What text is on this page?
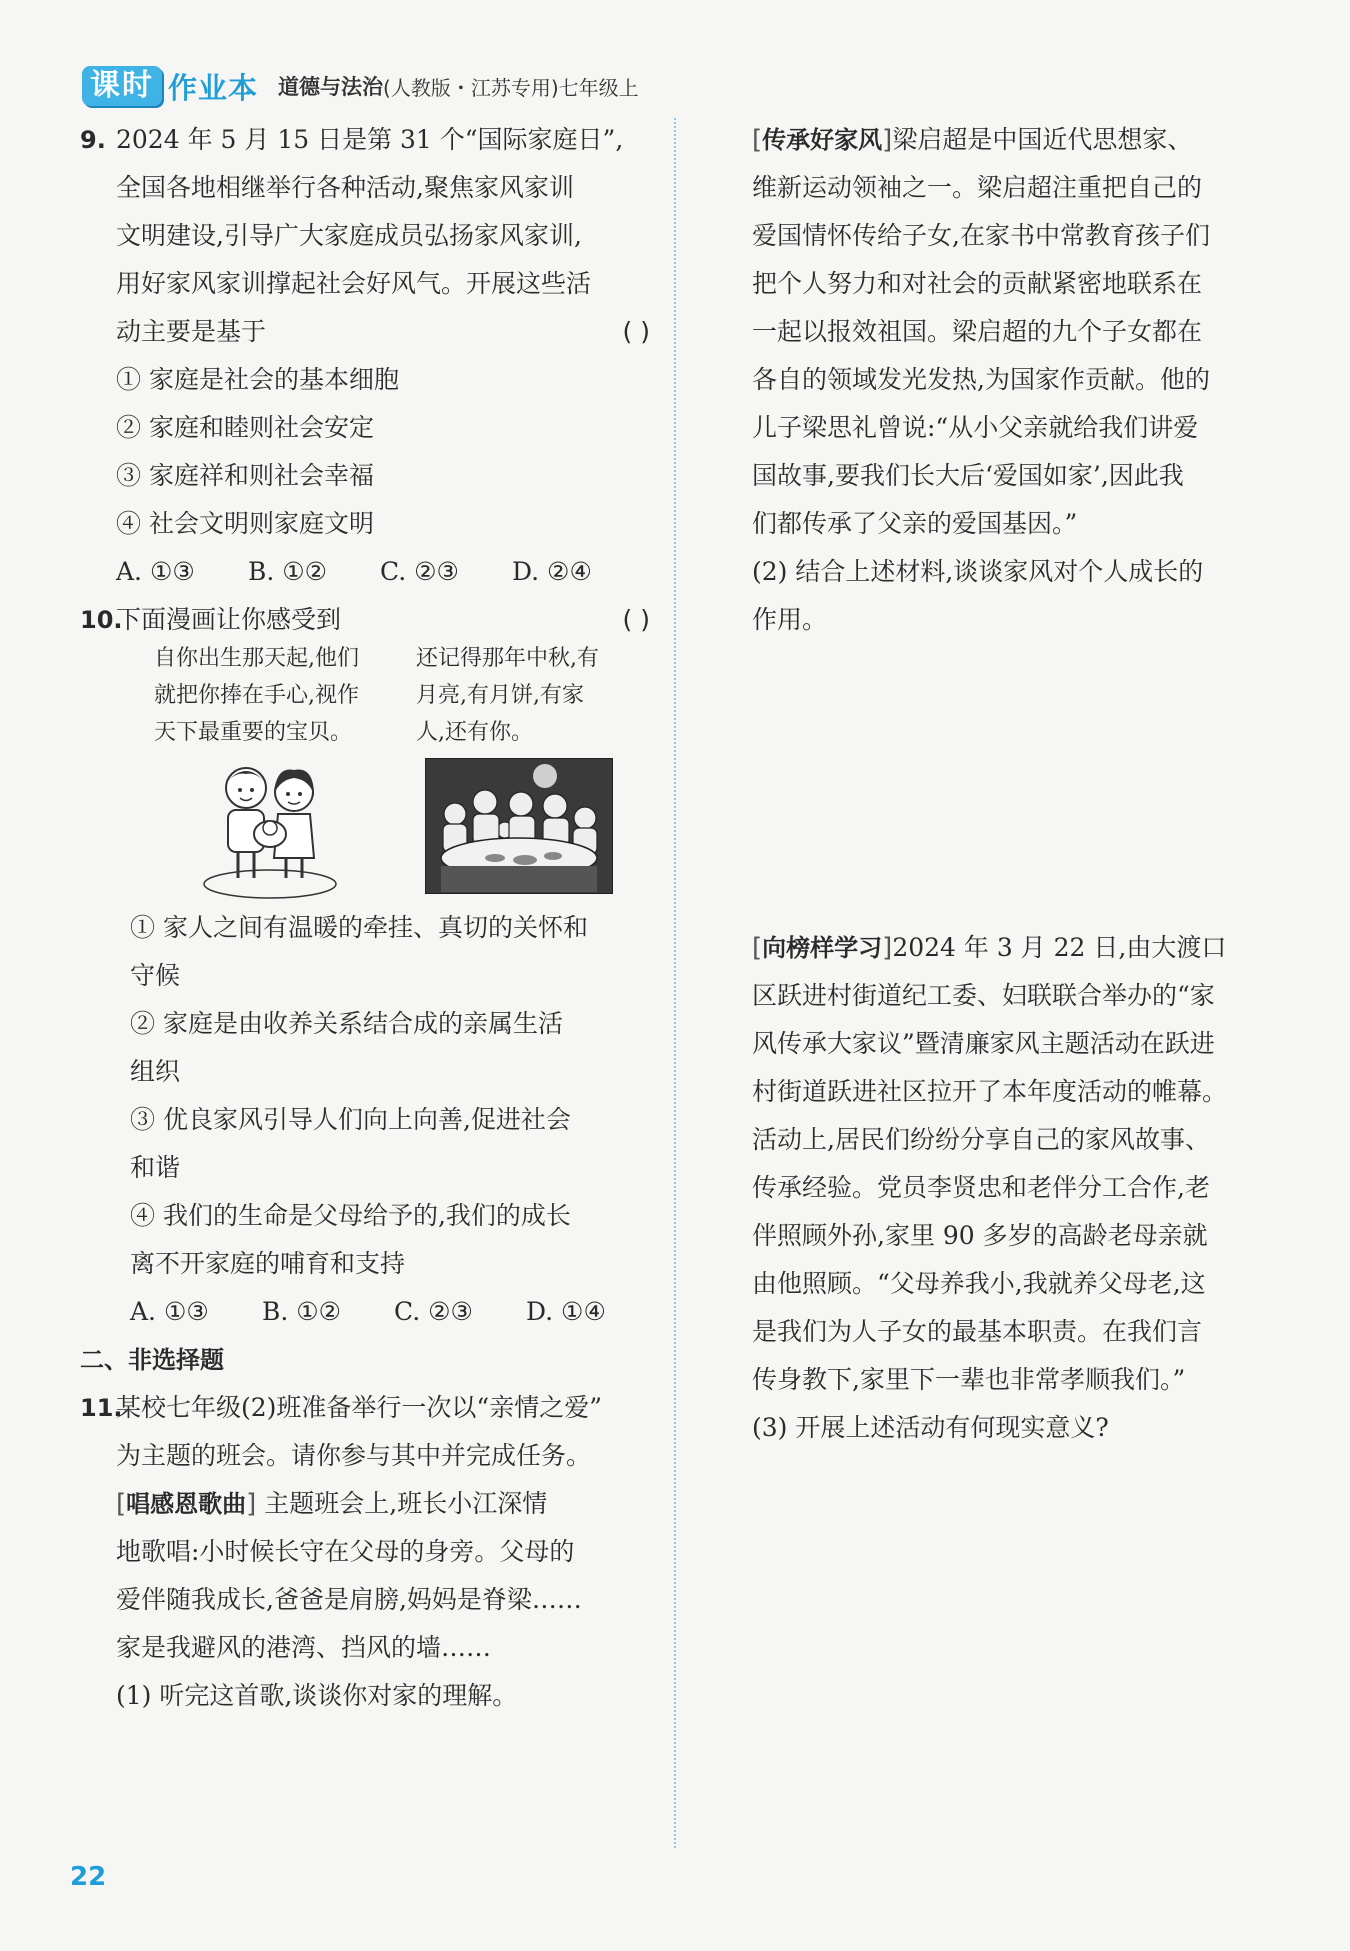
课时 作业本 道德与法治 (人教版・江苏专用)七年级上
9. 2024 年 5 月 15 日是第 31 个“国际家庭日”,
全国各地相继举行各种活动,聚焦家风家训
文明建设,引导广大家庭成员弘扬家风家训,
用好家风家训撑起社会好风气。开展这些活
动主要是基于	( )
① 家庭是社会的基本细胞
② 家庭和睦则社会安定
③ 家庭祥和则社会幸福
④ 社会文明则家庭文明
A. ①③ B. ①② C. ②③ D. ②④
10.下面漫画让你感受到	( )
自你出生那天起,他们
就把你捧在手心,视作
天下最重要的宝贝。
还记得那年中秋,有
月亮,有月饼,有家
人,还有你。
① 家人之间有温暖的牵挂、真切的关怀和
守候
② 家庭是由收养关系结合成的亲属生活
组织
③ 优良家风引导人们向上向善,促进社会
和谐
④ 我们的生命是父母给予的,我们的成长
离不开家庭的哺育和支持
A. ①③ B. ①② C. ②③ D. ①④
二、非选择题
11.某校七年级(2)班准备举行一次以“亲情之爱”
为主题的班会。请你参与其中并完成任务。
[唱感恩歌曲] 主题班会上,班长小江深情
地歌唱:小时候长守在父母的身旁。父母的
爱伴随我成长,爸爸是肩膀,妈妈是脊梁……
家是我避风的港湾、挡风的墙……
(1) 听完这首歌,谈谈你对家的理解。
[传承好家风]梁启超是中国近代思想家、
维新运动领袖之一。梁启超注重把自己的
爱国情怀传给子女,在家书中常教育孩子们
把个人努力和对社会的贡献紧密地联系在
一起以报效祖国。梁启超的九个子女都在
各自的领域发光发热,为国家作贡献。他的
儿子梁思礼曾说:“从小父亲就给我们讲爱
国故事,要我们长大后‘爱国如家’,因此我
们都传承了父亲的爱国基因。”
(2) 结合上述材料,谈谈家风对个人成长的
作用。
[向榜样学习]2024 年 3 月 22 日,由大渡口
区跃进村街道纪工委、妇联联合举办的“家
风传承大家议”暨清廉家风主题活动在跃进
村街道跃进社区拉开了本年度活动的帷幕。
活动上,居民们纷纷分享自己的家风故事、
传承经验。党员李贤忠和老伴分工合作,老
伴照顾外孙,家里 90 多岁的高龄老母亲就
由他照顾。“父母养我小,我就养父母老,这
是我们为人子女的最基本职责。在我们言
传身教下,家里下一辈也非常孝顺我们。”
(3) 开展上述活动有何现实意义?
22
